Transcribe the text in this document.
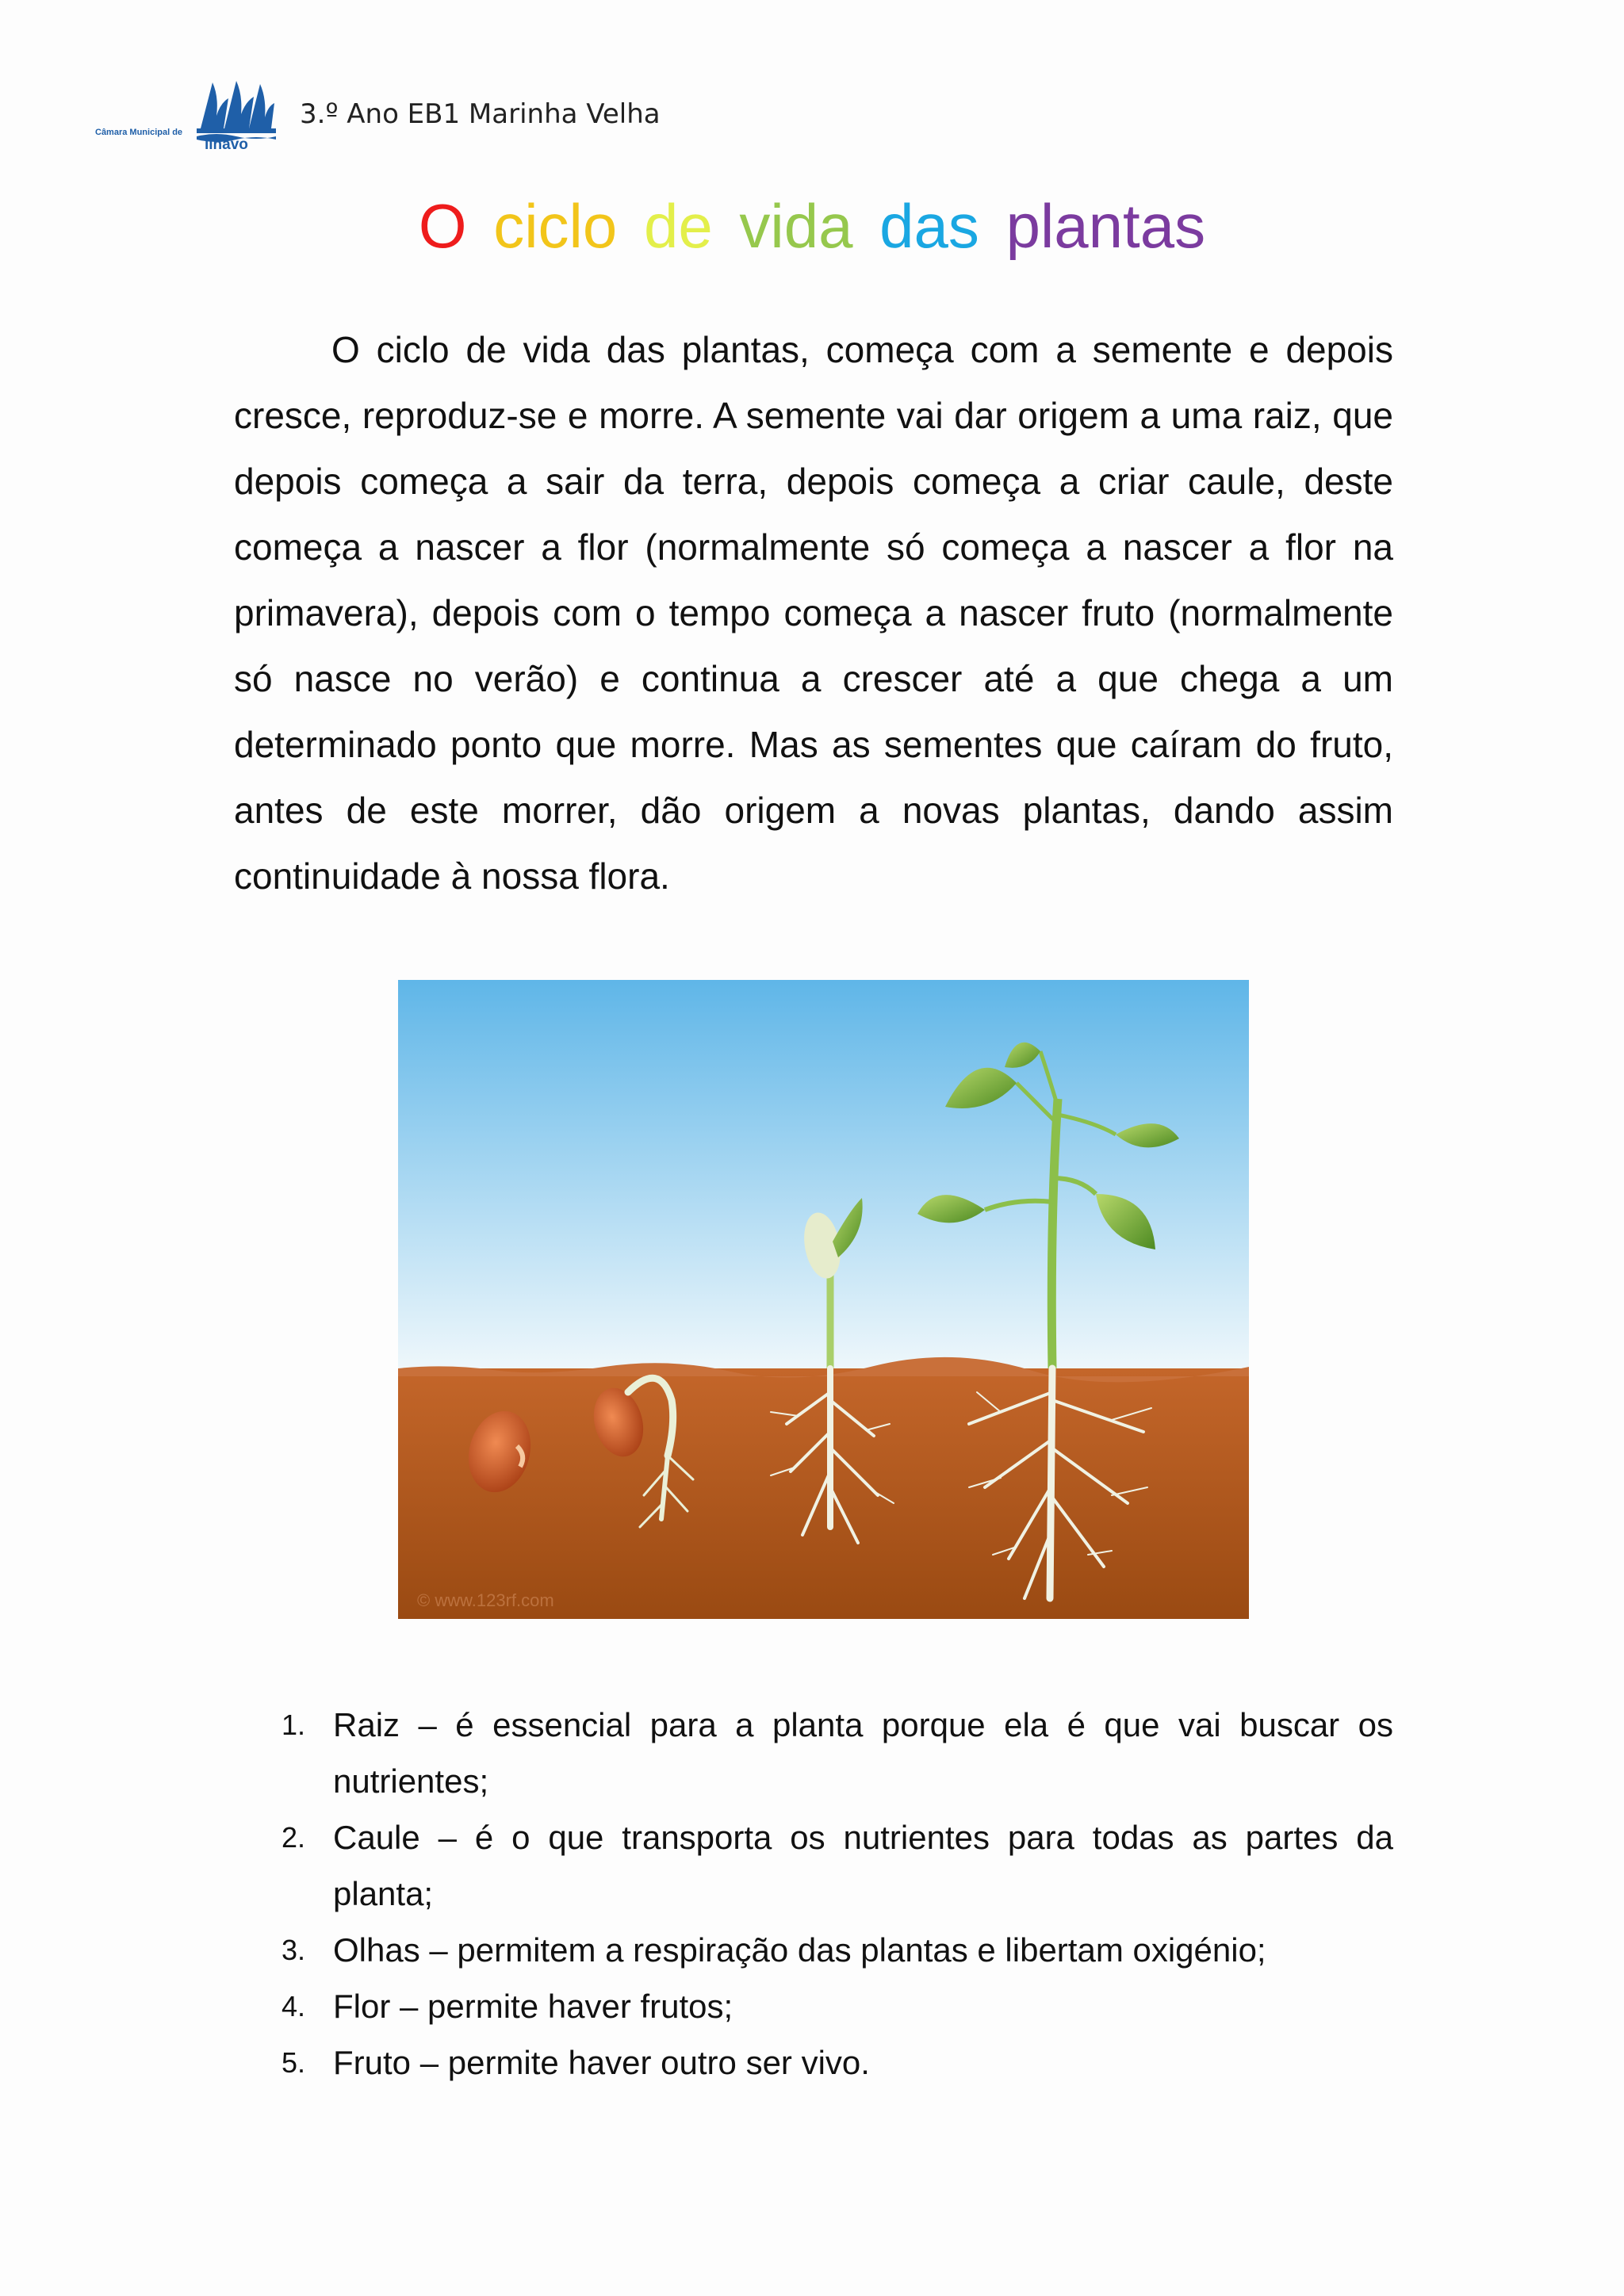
Câmara Municipal de
ílhavo
3.º Ano EB1 Marinha Velha
O ciclo de vida das plantas

O ciclo de vida das plantas, começa com a semente e depois cresce, reproduz-se e morre. A semente vai dar origem a uma raiz, que depois começa a sair da terra, depois começa a criar caule, deste começa a nascer a flor (normalmente só começa a nascer a flor na primavera), depois com o tempo começa a nascer fruto (normalmente só nasce no verão) e continua a crescer até a que chega a um determinado ponto que morre. Mas as sementes que caíram do fruto, antes de este morrer, dão origem a novas plantas, dando assim continuidade à nossa flora.

© www.123rf.com
1. Raiz – é essencial para a planta porque ela é que vai buscar os nutrientes;
2. Caule – é o que transporta os nutrientes para todas as partes da planta;
3. Olhas – permitem a respiração das plantas e libertam oxigénio;
4. Flor – permite haver frutos;
5. Fruto – permite haver outro ser vivo.
